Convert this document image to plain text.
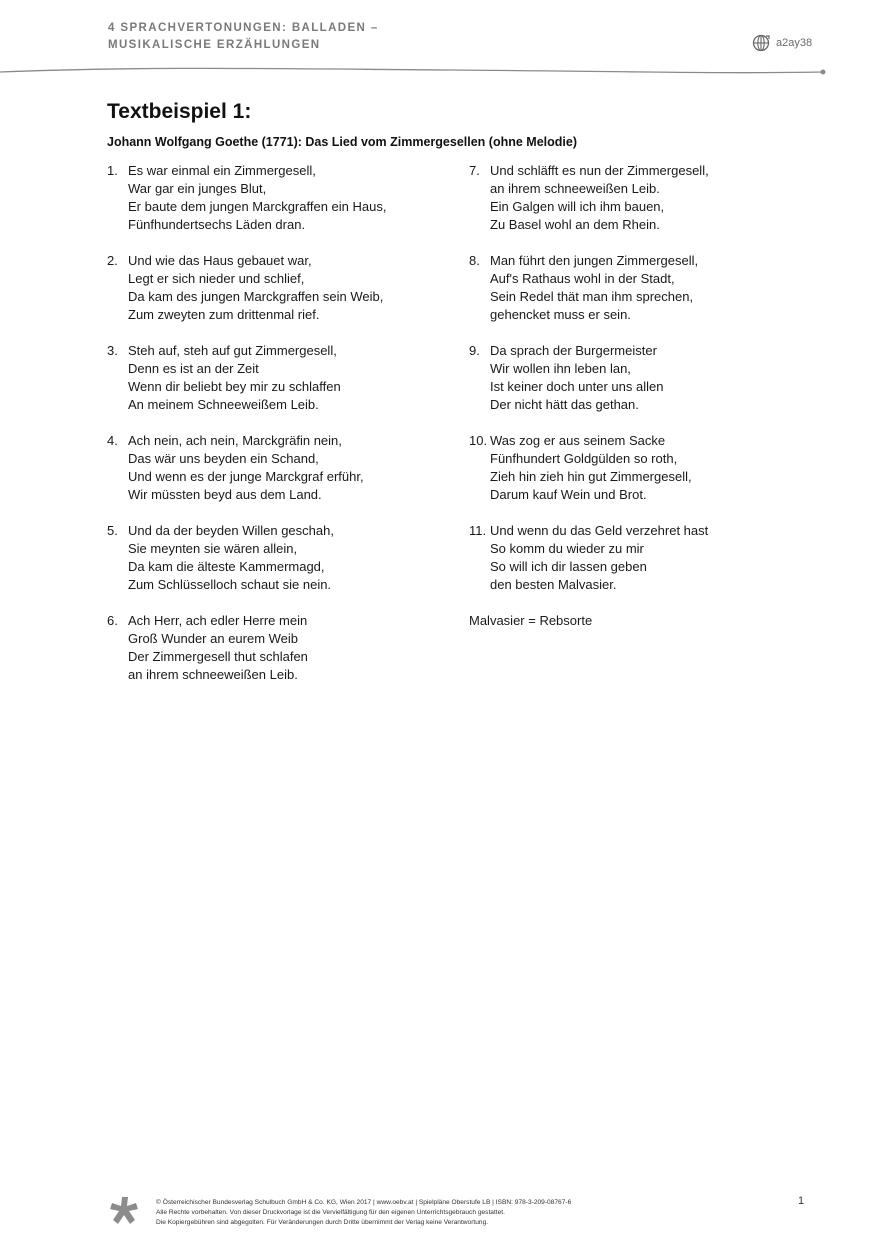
4 SPRACHVERTONUNGEN: BALLADEN –
MUSIKALISCHE ERZÄHLUNGEN	a2ay38
Textbeispiel 1:
Johann Wolfgang Goethe (1771): Das Lied vom Zimmergesellen (ohne Melodie)
1. Es war einmal ein Zimmergesell,
War gar ein junges Blut,
Er baute dem jungen Marckgraffen ein Haus,
Fünfhundertsechs Läden dran.
2. Und wie das Haus gebauet war,
Legt er sich nieder und schlief,
Da kam des jungen Marckgraffen sein Weib,
Zum zweyten zum drittenmal rief.
3. Steh auf, steh auf gut Zimmergesell,
Denn es ist an der Zeit
Wenn dir beliebt bey mir zu schlaffen
An meinem Schneeweißem Leib.
4. Ach nein, ach nein, Marckgräfin nein,
Das wär uns beyden ein Schand,
Und wenn es der junge Marckgraf erführ,
Wir müssten beyd aus dem Land.
5. Und da der beyden Willen geschah,
Sie meynten sie wären allein,
Da kam die älteste Kammermagd,
Zum Schlüsselloch schaut sie nein.
6. Ach Herr, ach edler Herre mein
Groß Wunder an eurem Weib
Der Zimmergesell thut schlafen
an ihrem schneeweißen Leib.
7. Und schläfft es nun der Zimmergesell,
an ihrem schneeweißen Leib.
Ein Galgen will ich ihm bauen,
Zu Basel wohl an dem Rhein.
8. Man führt den jungen Zimmergesell,
Auf's Rathaus wohl in der Stadt,
Sein Redel thät man ihm sprechen,
gehencket muss er sein.
9. Da sprach der Burgermeister
Wir wollen ihn leben lan,
Ist keiner doch unter uns allen
Der nicht hätt das gethan.
10. Was zog er aus seinem Sacke
Fünfhundert Goldgülden so roth,
Zieh hin zieh hin gut Zimmergesell,
Darum kauf Wein und Brot.
11. Und wenn du das Geld verzehret hast
So komm du wieder zu mir
So will ich dir lassen geben
den besten Malvasier.
Malvasier = Rebsorte
© Österreichischer Bundesverlag Schulbuch GmbH & Co. KG, Wien 2017 | www.oebv.at | Spielpläne Oberstufe LB | ISBN: 978-3-209-08767-6
Alle Rechte vorbehalten. Von dieser Druckvorlage ist die Vervielfältigung für den eigenen Unterrichtsgebrauch gestattet.
Die Kopiergebühren sind abgegolten. Für Veränderungen durch Dritte übernimmt der Verlag keine Verantwortung.
1
